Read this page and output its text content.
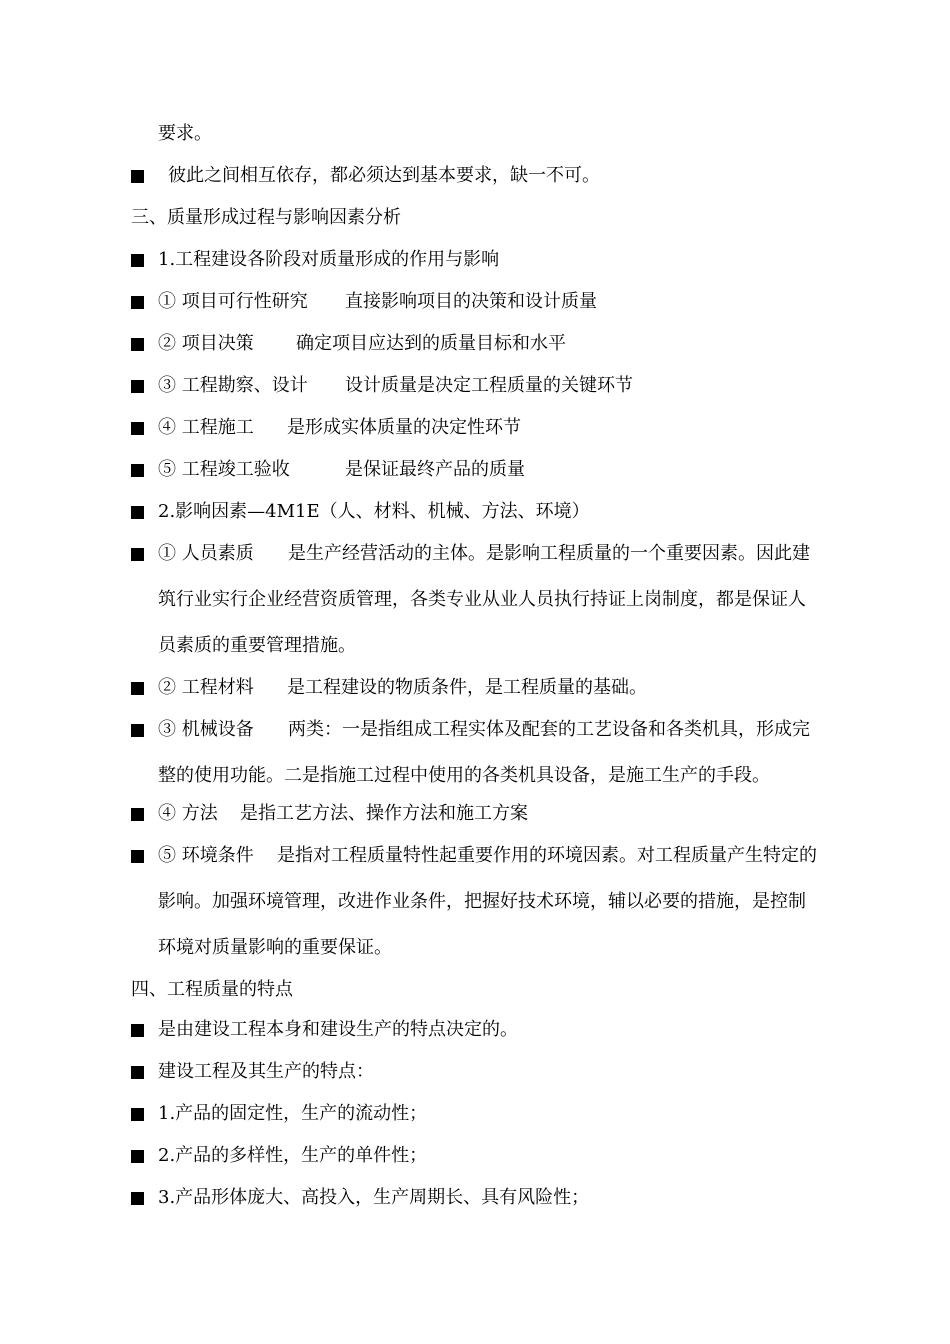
要求。
彼此之间相互依存，都必须达到基本要求，缺一不可。
三、质量形成过程与影响因素分析
1.工程建设各阶段对质量形成的作用与影响
① 项目可行性研究 直接影响项目的决策和设计质量
② 项目决策 确定项目应达到的质量目标和水平
③ 工程勘察、设计 设计质量是决定工程质量的关键环节
④ 工程施工 是形成实体质量的决定性环节
⑤ 工程竣工验收	是保证最终产品的质量
2.影响因素—4M1E（人、材料、机械、方法、环境）
① 人员素质 是生产经营活动的主体。是影响工程质量的一个重要因素。因此建
筑行业实行企业经营资质管理，各类专业从业人员执行持证上岗制度，都是保证人
员素质的重要管理措施。
② 工程材料 是工程建设的物质条件，是工程质量的基础。
③ 机械设备 两类：一是指组成工程实体及配套的工艺设备和各类机具，形成完
整的使用功能。二是指施工过程中使用的各类机具设备，是施工生产的手段。
④ 方法 是指工艺方法、操作方法和施工方案
⑤ 环境条件 是指对工程质量特性起重要作用的环境因素。对工程质量产生特定的
影响。加强环境管理，改进作业条件，把握好技术环境，辅以必要的措施，是控制
环境对质量影响的重要保证。
四、工程质量的特点
是由建设工程本身和建设生产的特点决定的。
建设工程及其生产的特点：
1.产品的固定性，生产的流动性；
2.产品的多样性，生产的单件性；
3.产品形体庞大、高投入，生产周期长、具有风险性；
